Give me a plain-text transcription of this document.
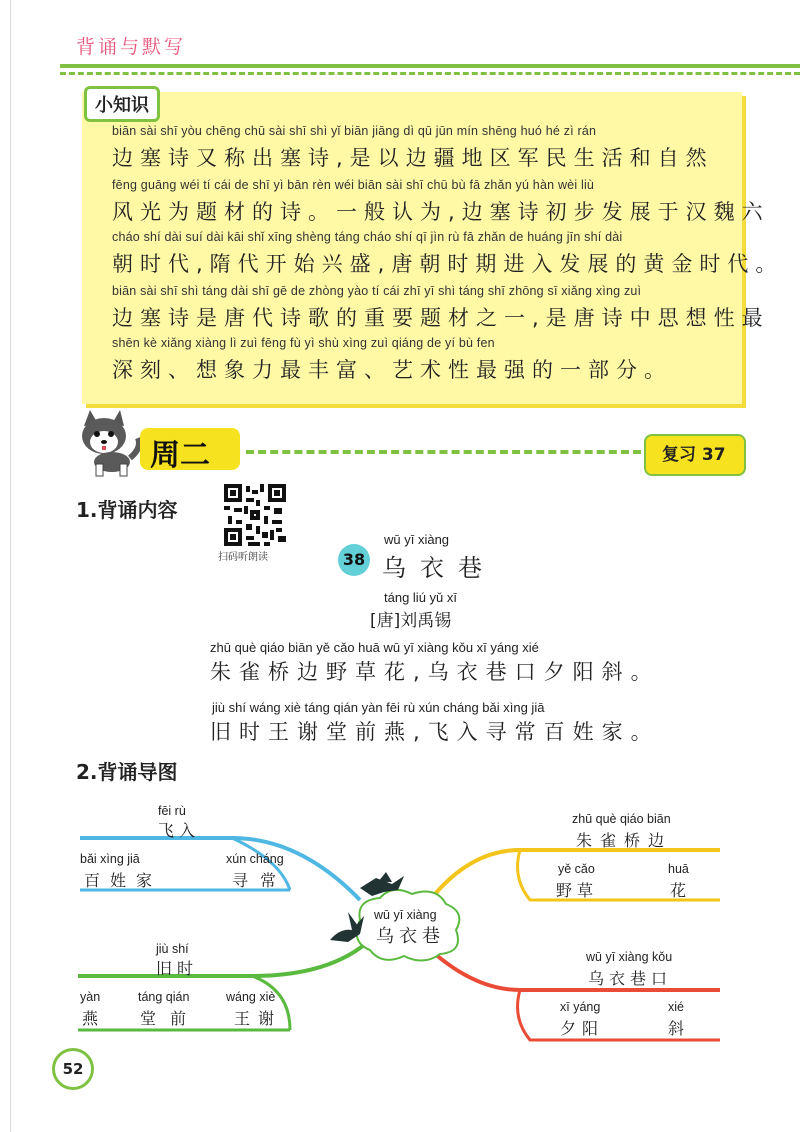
背诵与默写
小知识
biān sài shī yòu chēng chū sài shī shì yǐ biān jiāng dì qū jūn mín shēng huó hé zì rán
边塞诗又称出塞诗,是以边疆地区军民生活和自然
fēng guāng wéi tí cái de shī yì bān rèn wéi biān sài shī chū bù fā zhǎn yú hàn wèi liù
风光为题材的诗。一般认为,边塞诗初步发展于汉魏六
cháo shí dài suí dài kāi shǐ xīng shèng táng cháo shí qī jìn rù fā zhǎn de huáng jīn shí dài
朝时代,隋代开始兴盛,唐朝时期进入发展的黄金时代。
biān sài shī shì táng dài shī gē de zhòng yào tí cái zhī yī shì táng shī zhōng sī xiǎng xìng zuì
边塞诗是唐代诗歌的重要题材之一,是唐诗中思想性最
shēn kè xiǎng xiàng lì zuì fēng fù yì shù xìng zuì qiáng de yí bù fen
深刻、想象力最丰富、艺术性最强的一部分。
周二	复习 37
1.背诵内容
扫码听朗读	38
wū yī xiàng
乌衣巷
táng liú yǔ xī
[唐]刘禹锡
zhū què qiáo biān yě cǎo huā wū yī xiàng kǒu xī yáng xié
朱雀桥边野草花,乌衣巷口夕阳斜。
jiù shí wáng xiè táng qián yàn fēi rù xún cháng bǎi xìng jiā
旧时王谢堂前燕,飞入寻常百姓家。
2.背诵导图
wū yī xiàng
乌衣巷
fēi rù
飞入
bǎi xìng jiā
百姓家
xún cháng
寻常
jiù shí
旧时
yàn
燕
táng qián
堂前
wáng xiè
王谢
zhū què qiáo biān
朱雀桥边
yě cǎo
野草
huā
花
wū yī xiàng kǒu
乌衣巷口
xī yáng
夕阳
xié
斜
52
